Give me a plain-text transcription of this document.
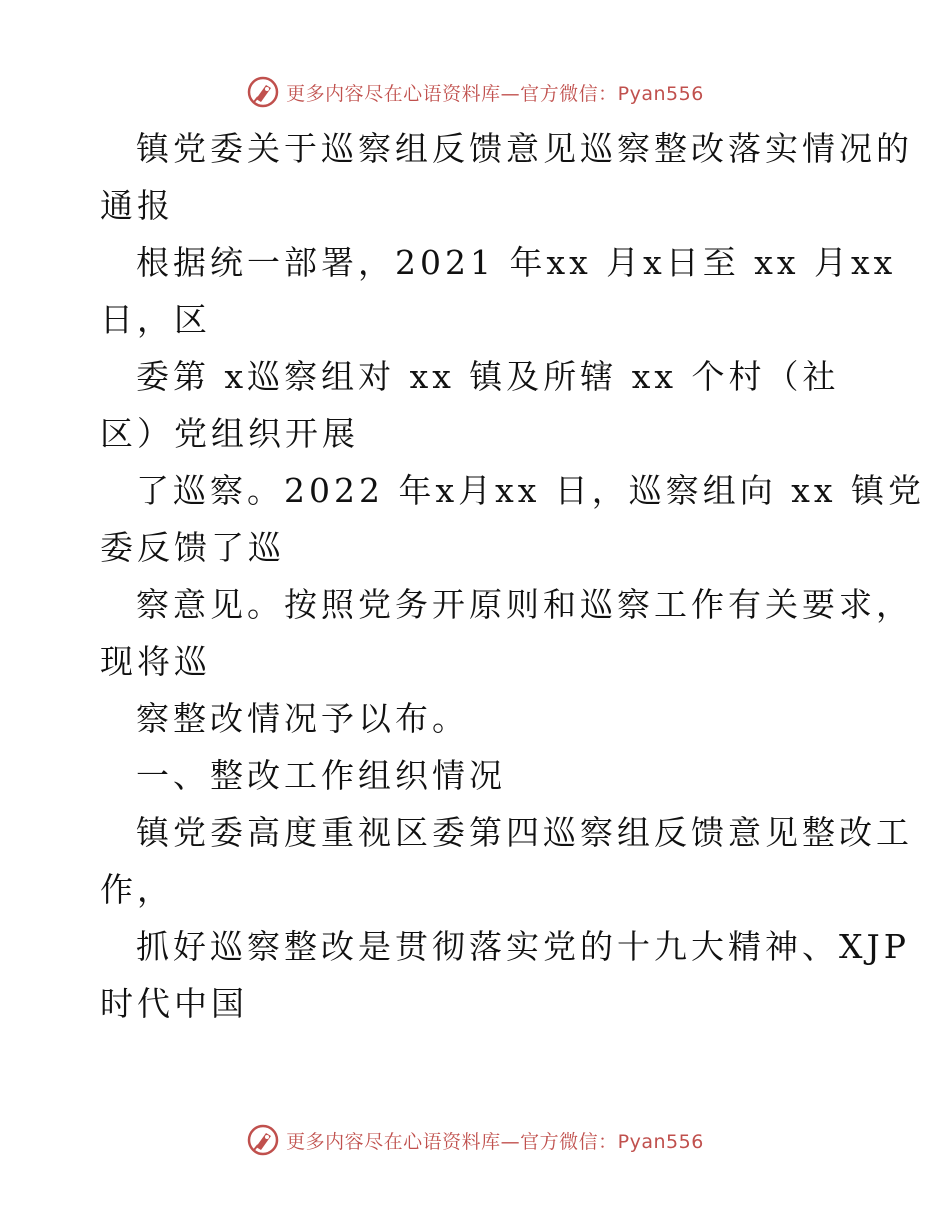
更多内容尽在心语资料库—官方微信：Pyan556
镇党委关于巡察组反馈意见巡察整改落实情况的
通报
根据统一部署，2021 年xx 月x日至 xx 月xx
日，区
委第 x巡察组对 xx 镇及所辖 xx 个村（社
区）党组织开展
了巡察。2022 年x月xx 日，巡察组向 xx 镇党
委反馈了巡
察意见。按照党务开原则和巡察工作有关要求，
现将巡
察整改情况予以布。
一、整改工作组织情况
镇党委高度重视区委第四巡察组反馈意见整改工
作，
抓好巡察整改是贯彻落实党的十九大精神、XJP
时代中国
更多内容尽在心语资料库—官方微信：Pyan556
